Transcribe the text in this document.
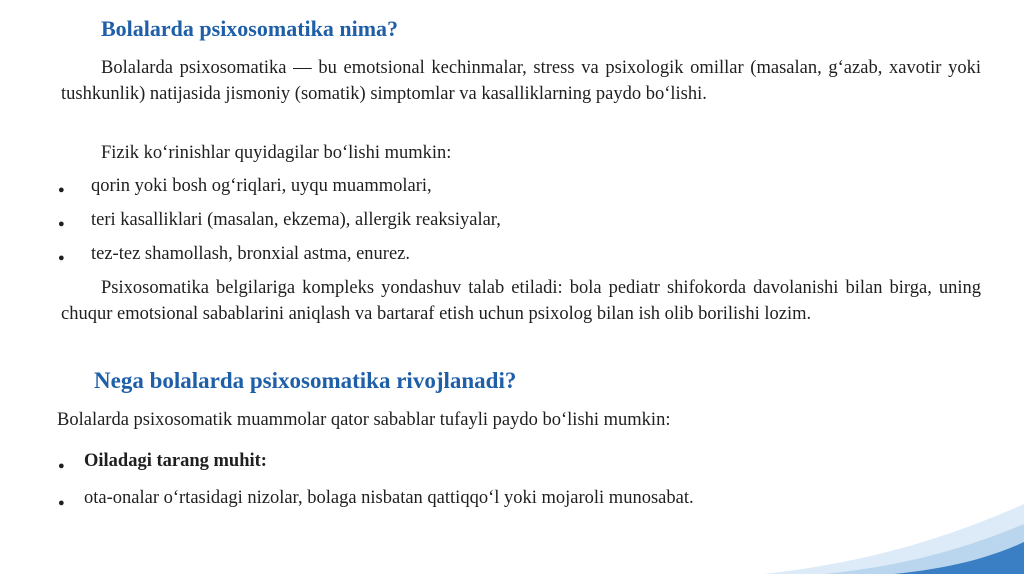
Bolalarda psixosomatika nima?
Bolalarda psixosomatika — bu emotsional kechinmalar, stress va psixologik omillar (masalan, g‘azab, xavotir yoki tushkunlik) natijasida jismoniy (somatik) simptomlar va kasalliklarning paydo bo‘lishi.
Fizik ko‘rinishlar quyidagilar bo‘lishi mumkin:
● qorin yoki bosh og‘riqlari, uyqu muammolari,
● teri kasalliklari (masalan, ekzema), allergik reaksiyalar,
● tez-tez shamollash, bronxial astma, enurez.
Psixosomatika belgilariga kompleks yondashuv talab etiladi: bola pediatr shifokorda davolanishi bilan birga, uning chuqur emotsional sabablarini aniqlash va bartaraf etish uchun psixolog bilan ish olib borilishi lozim.
Nega bolalarda psixosomatika rivojlanadi?
Bolalarda psixosomatik muammolar qator sabablar tufayli paydo bo‘lishi mumkin:
● Oiladagi tarang muhit:
● ota-onalar o‘rtasidagi nizolar, bolaga nisbatan qattiqqo‘l yoki mojaroli munosabat.
